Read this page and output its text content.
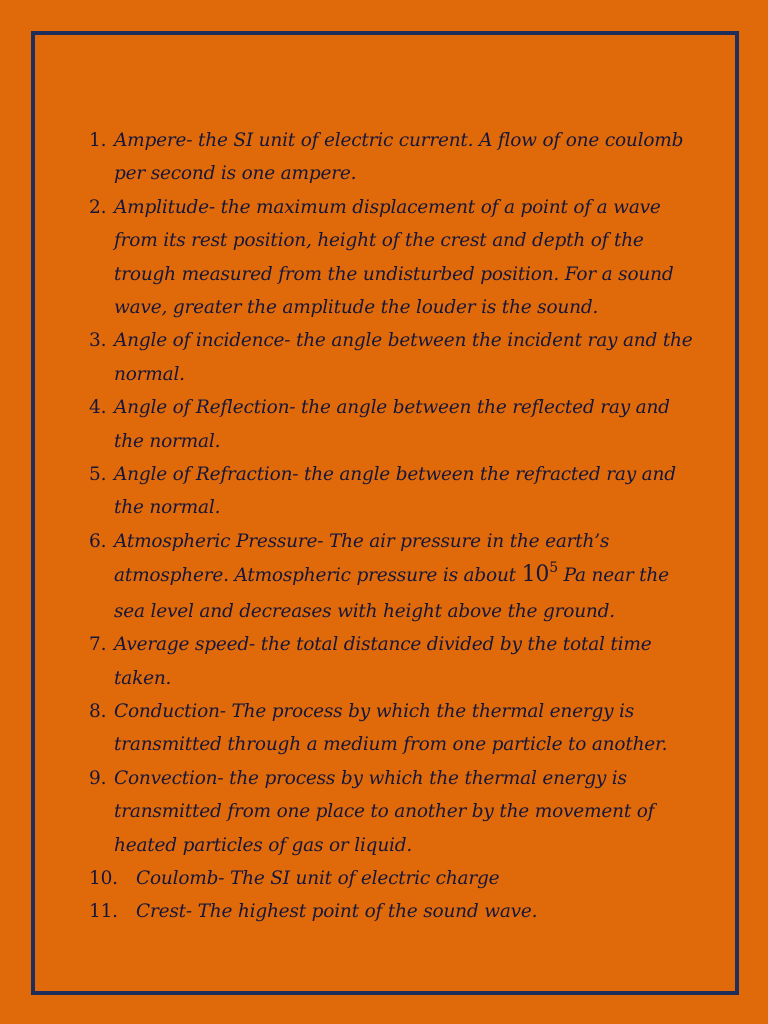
1. Ampere- the SI unit of electric current. A flow of one coulomb per second is one ampere.

2. Amplitude- the maximum displacement of a point of a wave from its rest position, height of the crest and depth of the trough measured from the undisturbed position. For a sound wave, greater the amplitude the louder is the sound.

3. Angle of incidence- the angle between the incident ray and the normal.

4. Angle of Reflection- the angle between the reflected ray and the normal.

5. Angle of Refraction- the angle between the refracted ray and the normal.

6. Atmospheric Pressure- The air pressure in the earth’s atmosphere. Atmospheric pressure is about $10^5$ Pa near the sea level and decreases with height above the ground.

7. Average speed- the total distance divided by the total time taken.

8. Conduction- The process by which the thermal energy is transmitted through a medium from one particle to another.

9. Convection- the process by which the thermal energy is transmitted from one place to another by the movement of heated particles of gas or liquid.

10. Coulomb- The SI unit of electric charge

11. Crest- The highest point of the sound wave.
